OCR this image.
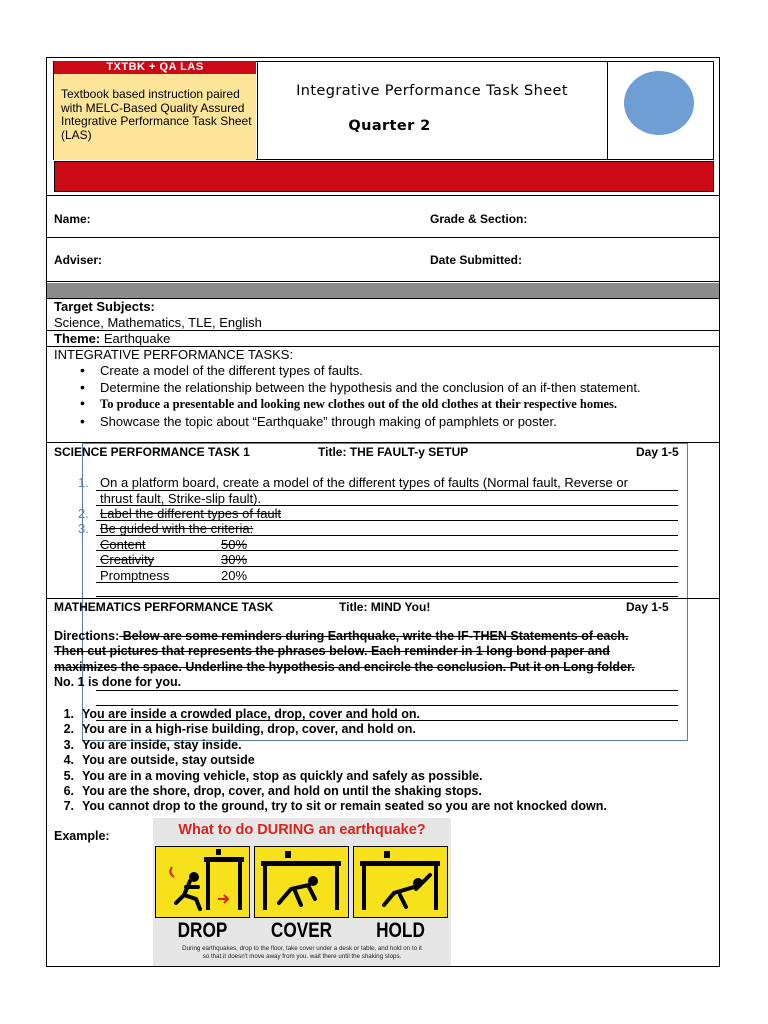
TXTBK + QA LAS
Textbook based instruction paired with MELC-Based Quality Assured Integrative Performance Task Sheet (LAS)
Integrative Performance Task Sheet
Quarter 2
Name:	Grade & Section:
Adviser:	Date Submitted:
Target Subjects:
Science, Mathematics, TLE, English
Theme: Earthquake
INTEGRATIVE PERFORMANCE TASKS:
• Create a model of the different types of faults.
• Determine the relationship between the hypothesis and the conclusion of an if-then statement.
• To produce a presentable and looking new clothes out of the old clothes at their respective homes.
• Showcase the topic about “Earthquake” through making of pamphlets or poster.
SCIENCE PERFORMANCE TASK 1	Title: THE FAULT-y SETUP	Day 1-5
1. On a platform board, create a model of the different types of faults (Normal fault, Reverse or
thrust fault, Strike-slip fault).
2. Label the different types of fault
3. Be guided with the criteria:
Content	50%
Creativity	30%
Promptness	20%
MATHEMATICS PERFORMANCE TASK	Title: MIND You!	Day 1-5
Directions: Below are some reminders during Earthquake, write the IF-THEN Statements of each.
Then cut pictures that represents the phrases below. Each reminder in 1 long bond paper and
maximizes the space. Underline the hypothesis and encircle the conclusion. Put it on Long folder.
No. 1 is done for you.
1. You are inside a crowded place, drop, cover and hold on.
2. You are in a high-rise building, drop, cover, and hold on.
3. You are inside, stay inside.
4. You are outside, stay outside
5. You are in a moving vehicle, stop as quickly and safely as possible.
6. You are the shore, drop, cover, and hold on until the shaking stops.
7. You cannot drop to the ground, try to sit or remain seated so you are not knocked down.
Example:	What to do DURING an earthquake?
DROP	COVER	HOLD
During earthquakes, drop to the floor, take cover under a desk or table, and hold on to it
so that it doesn't move away from you. wait there until the shaking stops.
